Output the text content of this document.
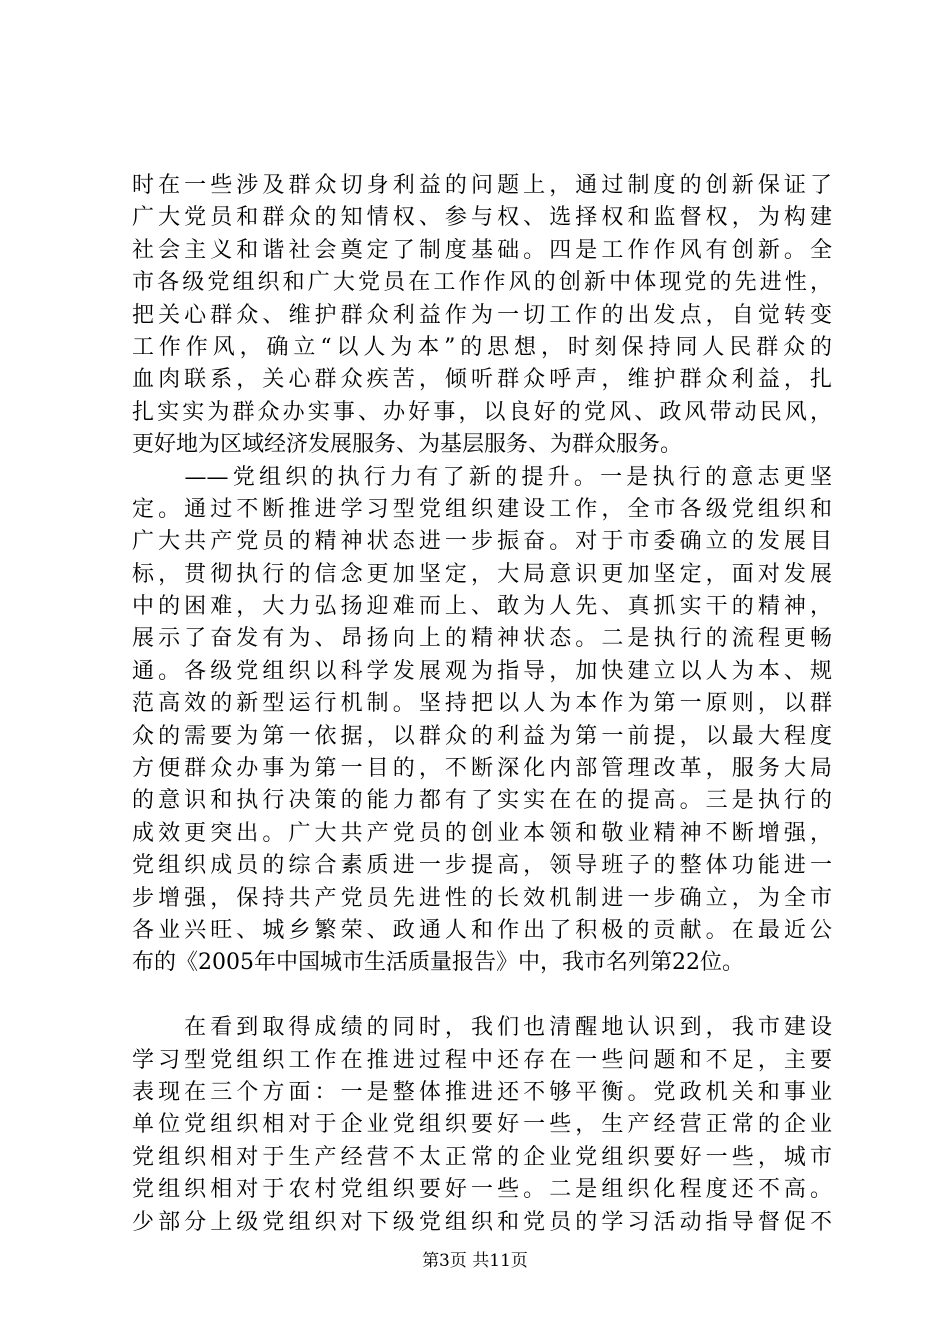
时在一些涉及群众切身利益的问题上，通过制度的创新保证了
广大党员和群众的知情权、参与权、选择权和监督权，为构建
社会主义和谐社会奠定了制度基础。四是工作作风有创新。全
市各级党组织和广大党员在工作作风的创新中体现党的先进性，
把关心群众、维护群众利益作为一切工作的出发点，自觉转变
工作作风，确立“以人为本”的思想，时刻保持同人民群众的
血肉联系，关心群众疾苦，倾听群众呼声，维护群众利益，扎
扎实实为群众办实事、办好事，以良好的党风、政风带动民风，
更好地为区域经济发展服务、为基层服务、为群众服务。
　　——党组织的执行力有了新的提升。一是执行的意志更坚
定。通过不断推进学习型党组织建设工作，全市各级党组织和
广大共产党员的精神状态进一步振奋。对于市委确立的发展目
标，贯彻执行的信念更加坚定，大局意识更加坚定，面对发展
中的困难，大力弘扬迎难而上、敢为人先、真抓实干的精神，
展示了奋发有为、昂扬向上的精神状态。二是执行的流程更畅
通。各级党组织以科学发展观为指导，加快建立以人为本、规
范高效的新型运行机制。坚持把以人为本作为第一原则，以群
众的需要为第一依据，以群众的利益为第一前提，以最大程度
方便群众办事为第一目的，不断深化内部管理改革，服务大局
的意识和执行决策的能力都有了实实在在的提高。三是执行的
成效更突出。广大共产党员的创业本领和敬业精神不断增强，
党组织成员的综合素质进一步提高，领导班子的整体功能进一
步增强，保持共产党员先进性的长效机制进一步确立，为全市
各业兴旺、城乡繁荣、政通人和作出了积极的贡献。在最近公
布的《2005年中国城市生活质量报告》中，我市名列第22位。
　　在看到取得成绩的同时，我们也清醒地认识到，我市建设
学习型党组织工作在推进过程中还存在一些问题和不足，主要
表现在三个方面：一是整体推进还不够平衡。党政机关和事业
单位党组织相对于企业党组织要好一些，生产经营正常的企业
党组织相对于生产经营不太正常的企业党组织要好一些，城市
党组织相对于农村党组织要好一些。二是组织化程度还不高。
少部分上级党组织对下级党组织和党员的学习活动指导督促不
第3页 共11页
